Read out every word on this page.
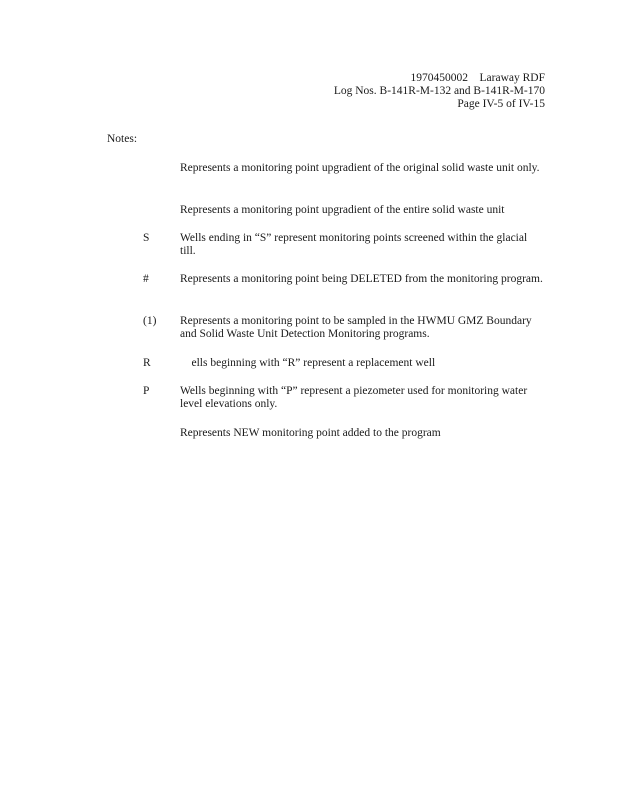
1970450002    Laraway RDF
Log Nos. B-141R-M-132 and B-141R-M-170
Page IV-5 of IV-15
Notes:
Represents a monitoring point upgradient of the original solid waste unit only.
Represents a monitoring point upgradient of the entire solid waste unit
S	Wells ending in “S” represent monitoring points screened within the glacial till.
#	Represents a monitoring point being DELETED from the monitoring program.
(1) Represents a monitoring point to be sampled in the HWMU GMZ Boundary and Solid Waste Unit Detection Monitoring programs.
R	ells beginning with “R” represent a replacement well
P	Wells beginning with “P” represent a piezometer used for monitoring water level elevations only.
Represents NEW monitoring point added to the program
